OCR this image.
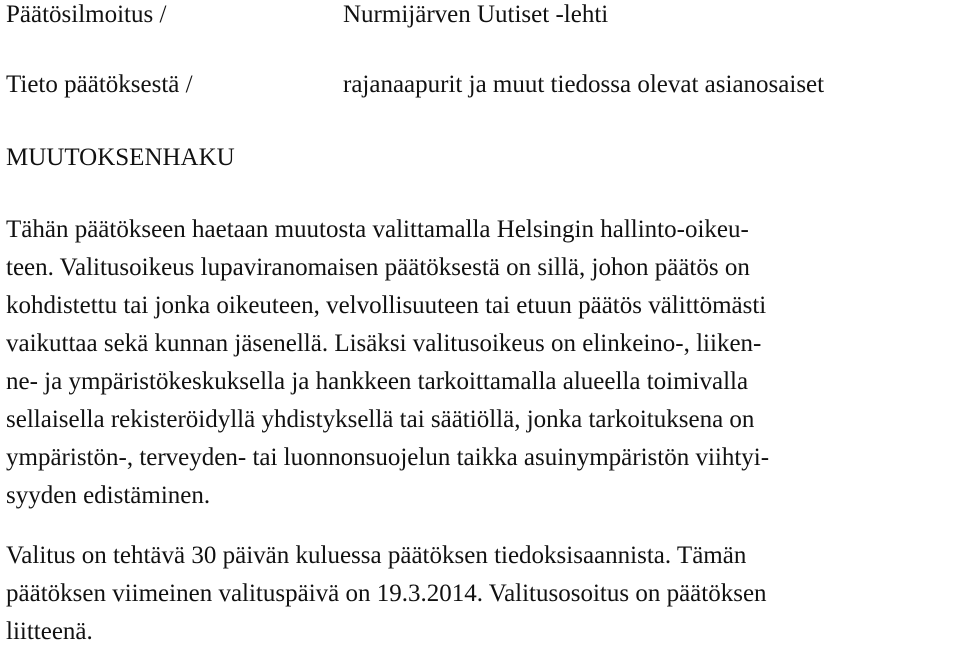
Päätösilmoitus /	Nurmijärven Uutiset -lehti
Tieto päätöksestä /	rajanaapurit ja muut tiedossa olevat asianosaiset
MUUTOKSENHAKU
Tähän päätökseen haetaan muutosta valittamalla Helsingin hallinto-oikeu-
teen. Valitusoikeus lupaviranomaisen päätöksestä on sillä, johon päätös on
kohdistettu tai jonka oikeuteen, velvollisuuteen tai etuun päätös välittömästi
vaikuttaa sekä kunnan jäsenellä. Lisäksi valitusoikeus on elinkeino-, liiken-
ne- ja ympäristökeskuksella ja hankkeen tarkoittamalla alueella toimivalla
sellaisella rekisteröidyllä yhdistyksellä tai säätiöllä, jonka tarkoituksena on
ympäristön-, terveyden- tai luonnonsuojelun taikka asuinympäristön viihtyi-
syyden edistäminen.
Valitus on tehtävä 30 päivän kuluessa päätöksen tiedoksisaannista. Tämän
päätöksen viimeinen valituspäivä on 19.3.2014. Valitusosoitus on päätöksen
liitteenä.
